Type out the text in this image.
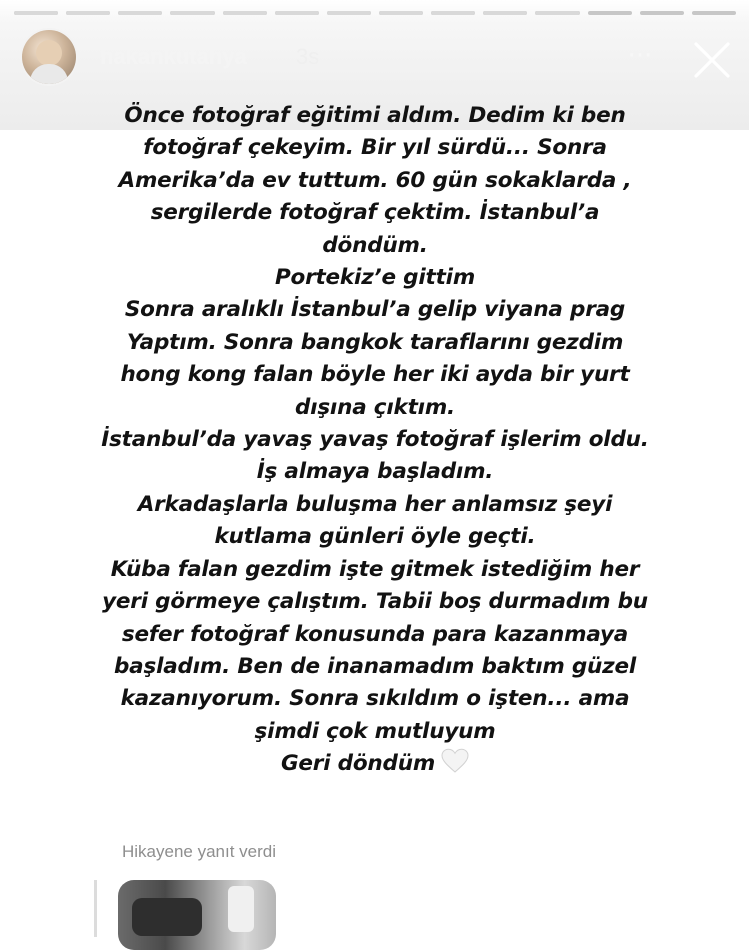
hakankutahya 3s	···
Önce fotoğraf eğitimi aldım. Dedim ki ben
fotoğraf çekeyim. Bir yıl sürdü... Sonra
Amerika’da ev tuttum. 60 gün sokaklarda ,
sergilerde fotoğraf çektim. İstanbul’a
döndüm.
Portekiz’e gittim
Sonra aralıklı İstanbul’a gelip viyana prag
Yaptım. Sonra bangkok taraflarını gezdim
hong kong falan böyle her iki ayda bir yurt
dışına çıktım.
İstanbul’da yavaş yavaş fotoğraf işlerim oldu.
İş almaya başladım.
Arkadaşlarla buluşma her anlamsız şeyi
kutlama günleri öyle geçti.
Küba falan gezdim işte gitmek istediğim her
yeri görmeye çalıştım. Tabii boş durmadım bu
sefer fotoğraf konusunda para kazanmaya
başladım. Ben de inanamadım baktım güzel
kazanıyorum. Sonra sıkıldım o işten... ama
şimdi çok mutluyum
Geri döndüm
Hikayene yanıt verdi
